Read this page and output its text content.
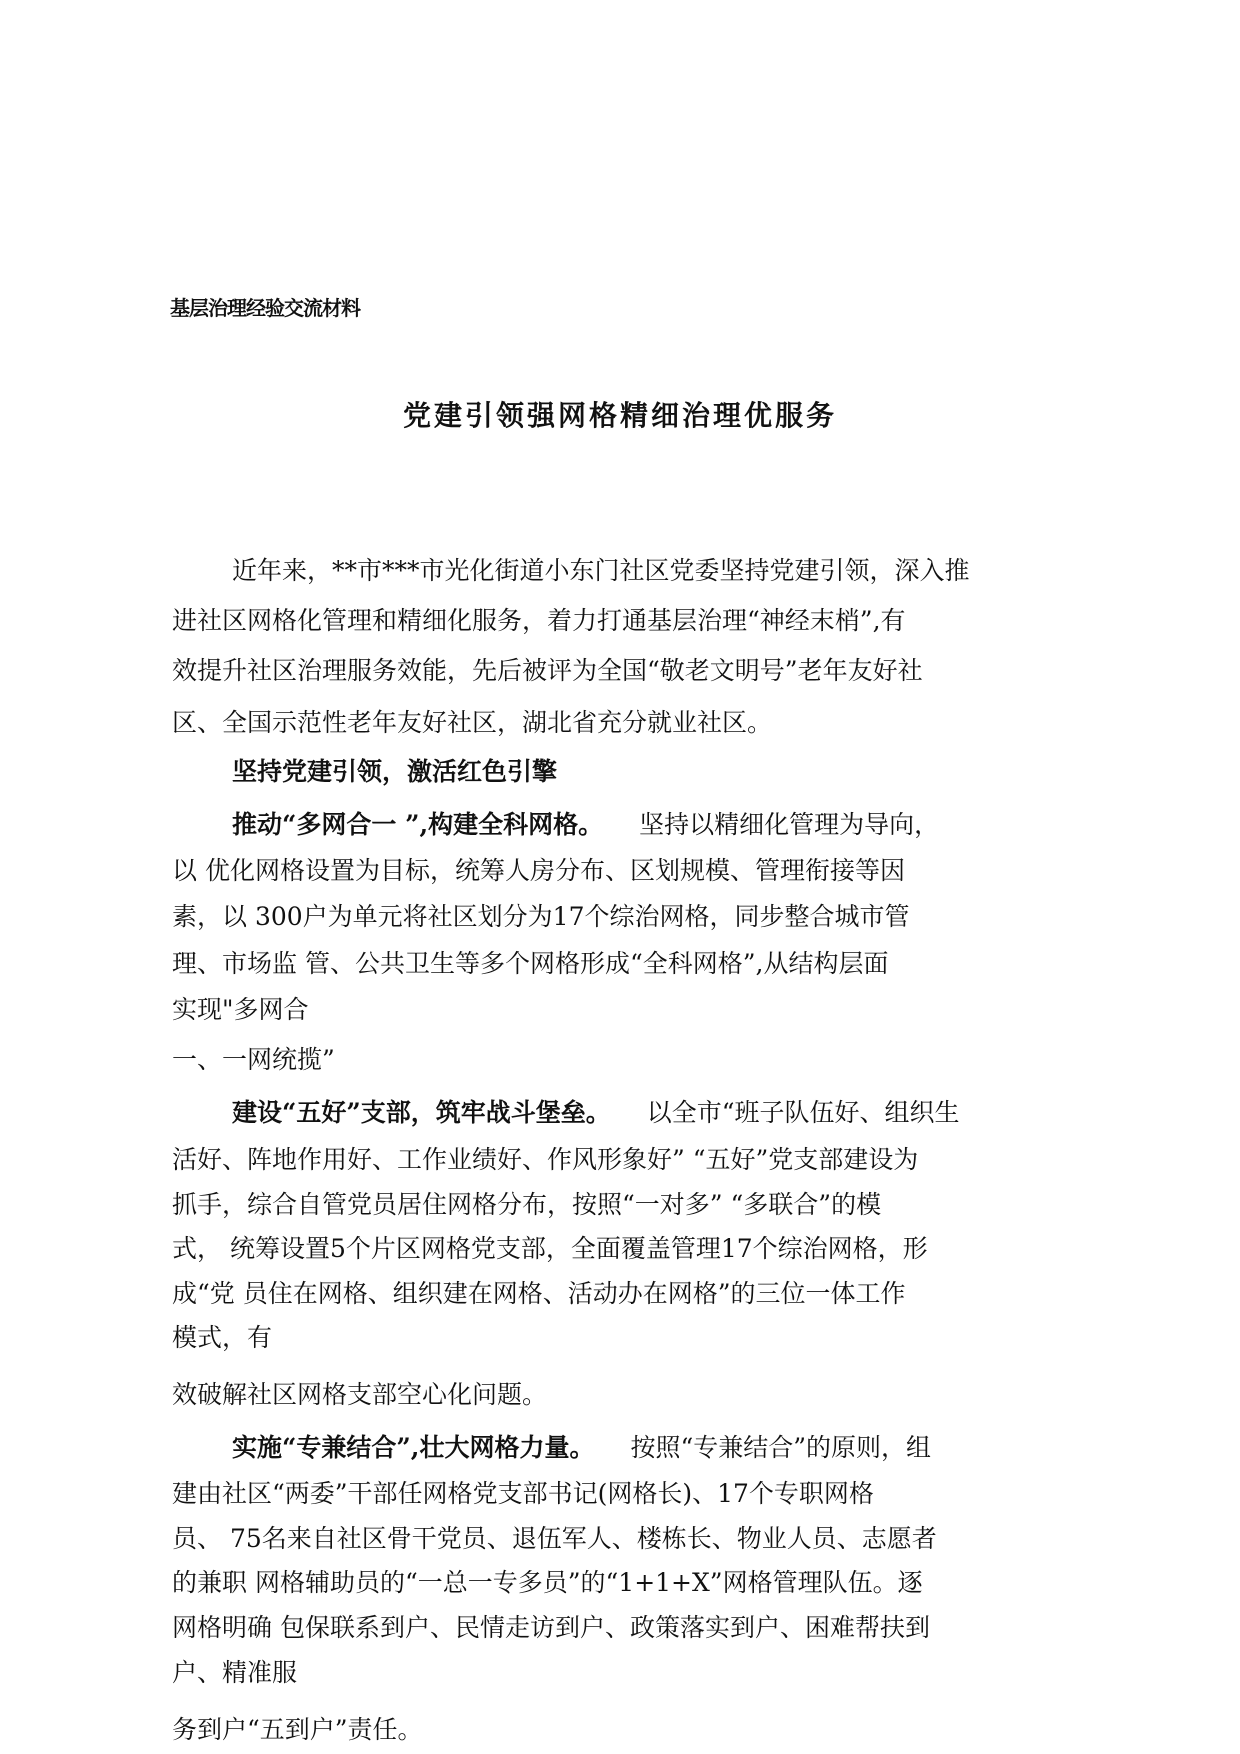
基层治理经验交流材料
党建引领强网格精细治理优服务
近年来，**市***市光化街道小东门社区党委坚持党建引领，深入推
进社区网格化管理和精细化服务，着力打通基层治理“神经末梢”,有
效提升社区治理服务效能，先后被评为全国“敬老文明号”老年友好社
区、全国示范性老年友好社区，湖北省充分就业社区。
坚持党建引领，激活红色引擎
推动“多网合一 ”,构建全科网格。 坚持以精细化管理为导向，
以 优化网格设置为目标，统筹人房分布、区划规模、管理衔接等因
素，以 300户为单元将社区划分为17个综治网格，同步整合城市管
理、市场监 管、公共卫生等多个网格形成“全科网格”,从结构层面
实现"多网合
一、一网统揽”
建设“五好”支部，筑牢战斗堡垒。 以全市“班子队伍好、组织生
活好、阵地作用好、工作业绩好、作风形象好” “五好”党支部建设为
抓手，综合自管党员居住网格分布，按照“一对多” “多联合”的模
式， 统筹设置5个片区网格党支部，全面覆盖管理17个综治网格，形
成“党 员住在网格、组织建在网格、活动办在网格”的三位一体工作
模式，有
效破解社区网格支部空心化问题。
实施“专兼结合”,壮大网格力量。 按照“专兼结合”的原则，组
建由社区“两委”干部任网格党支部书记(网格长)、17个专职网格
员、 75名来自社区骨干党员、退伍军人、楼栋长、物业人员、志愿者
的兼职 网格辅助员的“一总一专多员”的“1+1+X”网格管理队伍。逐
网格明确 包保联系到户、民情走访到户、政策落实到户、困难帮扶到
户、精准服
务到户“五到户”责任。
